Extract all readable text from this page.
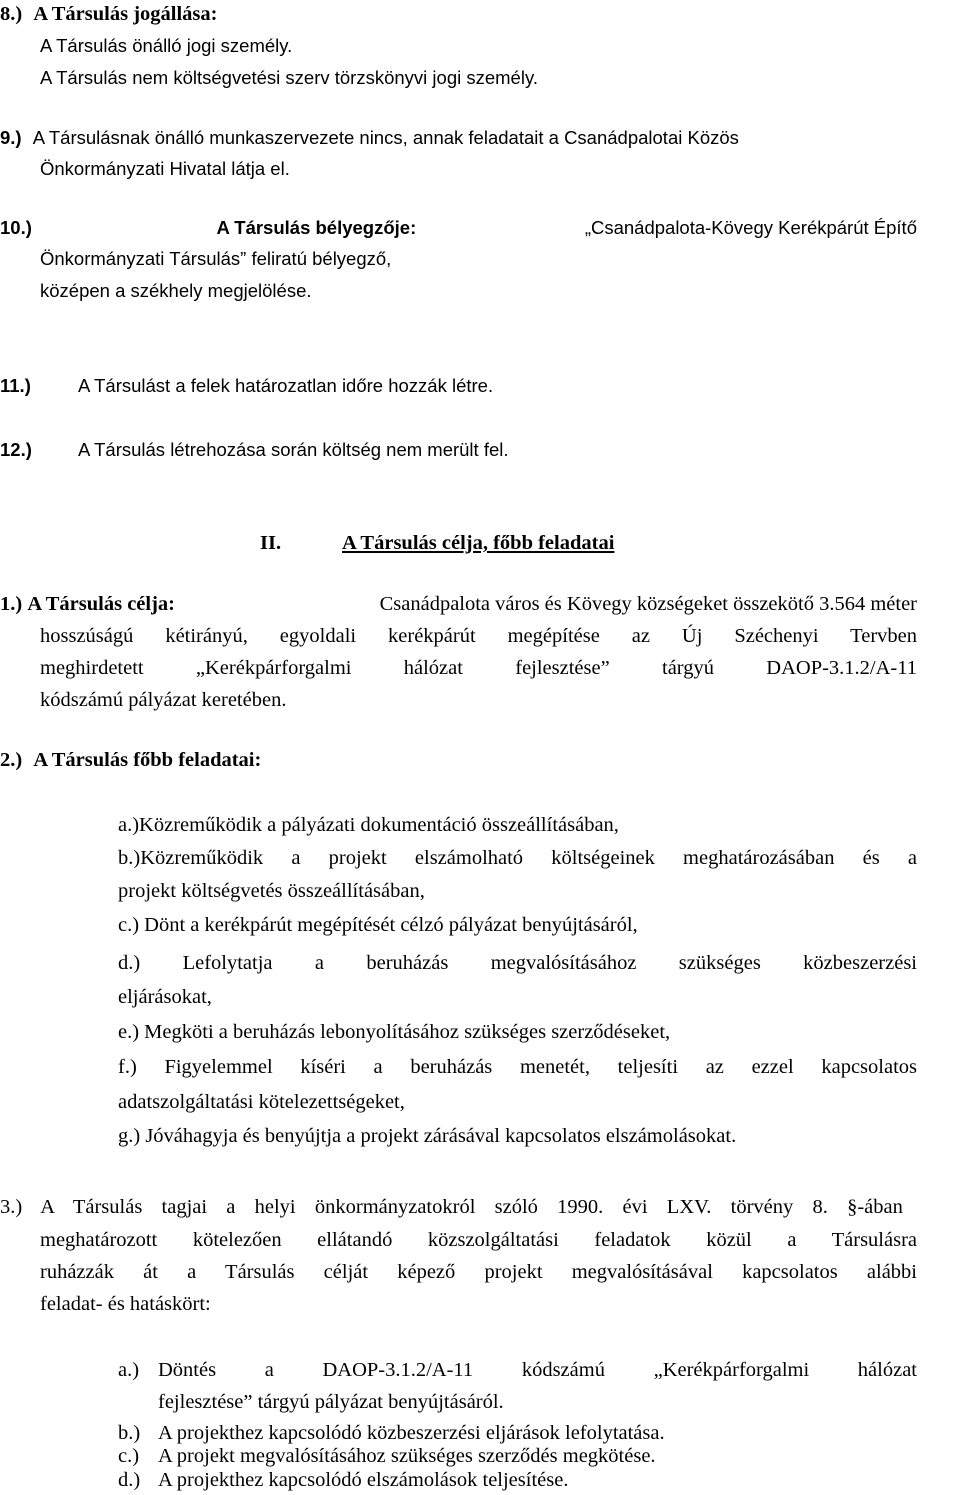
8.) A Társulás jogállása:
A Társulás önálló jogi személy.
A Társulás nem költségvetési szerv törzskönyvi jogi személy.
9.) A Társulásnak önálló munkaszervezete nincs, annak feladatait a Csanádpalotai Közös
Önkormányzati Hivatal látja el.
10.)	A Társulás bélyegzője:	„Csanádpalota-Kövegy Kerékpárút Építő
Önkormányzati Társulás” feliratú bélyegző,
középen a székhely megjelölése.
11.)	A Társulást a felek határozatlan időre hozzák létre.
12.) A Társulás létrehozása során költség nem merült fel.
II.	A Társulás célja, főbb feladatai
1.) A Társulás célja:	Csanádpalota város és Kövegy községeket összekötő 3.564 méter
hosszúságú kétirányú, egyoldali kerékpárút megépítése az Új Széchenyi Tervben
meghirdetett „Kerékpárforgalmi hálózat fejlesztése” tárgyú DAOP-3.1.2/A-11
kódszámú pályázat keretében.
2.) A Társulás főbb feladatai:
a.)Közreműködik a pályázati dokumentáció összeállításában,
b.)Közreműködik a projekt elszámolható költségeinek meghatározásában és a
projekt költségvetés összeállításában,
c.) Dönt a kerékpárút megépítését célzó pályázat benyújtásáról,
d.) Lefolytatja a beruházás megvalósításához szükséges közbeszerzési
eljárásokat,
e.) Megköti a beruházás lebonyolításához szükséges szerződéseket,
f.) Figyelemmel kíséri a beruházás menetét, teljesíti az ezzel kapcsolatos
adatszolgáltatási kötelezettségeket,
g.) Jóváhagyja és benyújtja a projekt zárásával kapcsolatos elszámolásokat.
3.) A Társulás tagjai a helyi önkormányzatokról szóló 1990. évi LXV. törvény 8. §-ában
meghatározott kötelezően ellátandó közszolgáltatási feladatok közül a Társulásra
ruházzák át a Társulás célját képező projekt megvalósításával kapcsolatos alábbi
feladat- és hatáskört:
a.) Döntés a DAOP-3.1.2/A-11 kódszámú „Kerékpárforgalmi hálózat
fejlesztése” tárgyú pályázat benyújtásáról.
b.) A projekthez kapcsolódó közbeszerzési eljárások lefolytatása.
c.) A projekt megvalósításához szükséges szerződés megkötése.
d.) A projekthez kapcsolódó elszámolások teljesítése.
